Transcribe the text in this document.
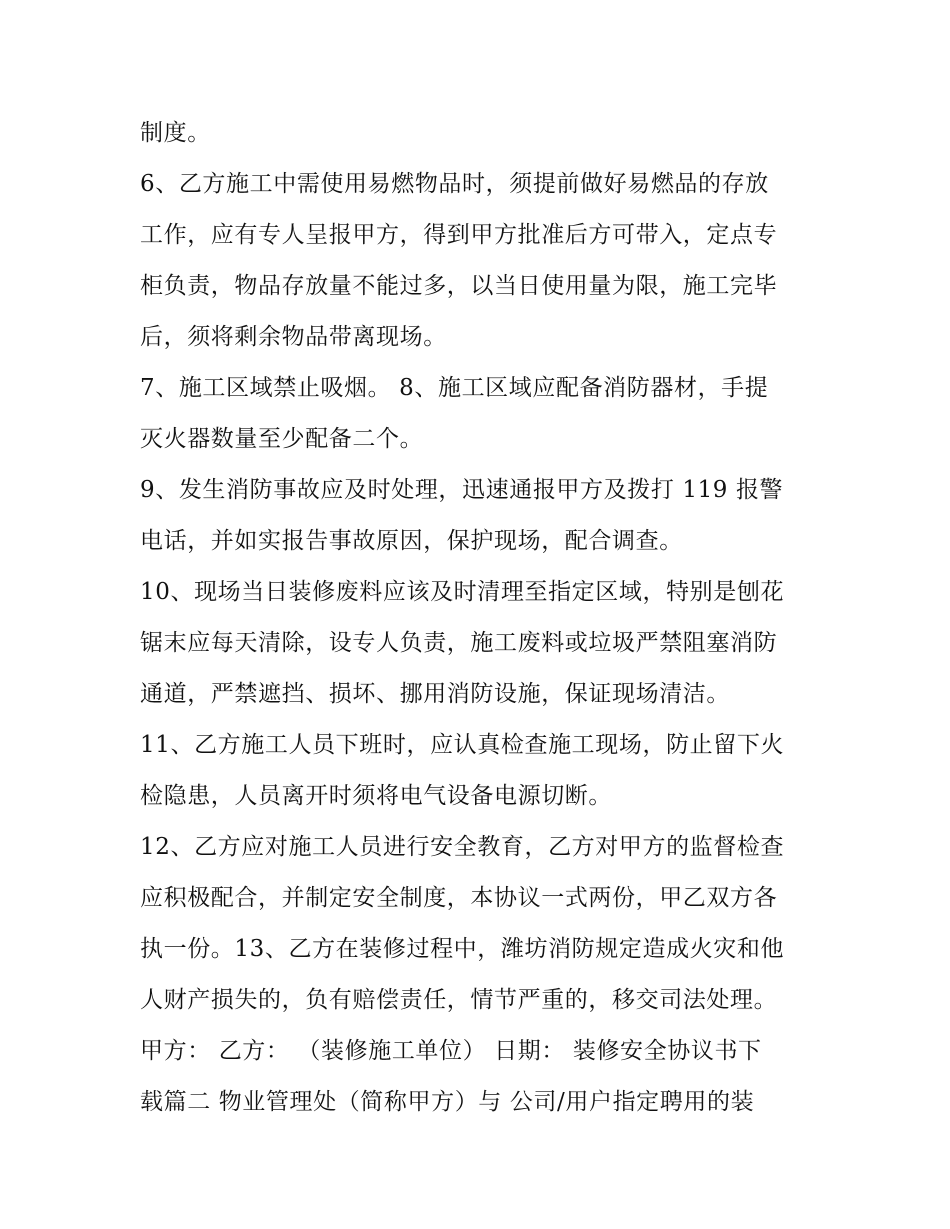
制度。
6、乙方施工中需使用易燃物品时，须提前做好易燃品的存放
工作，应有专人呈报甲方，得到甲方批准后方可带入，定点专
柜负责，物品存放量不能过多，以当日使用量为限，施工完毕
后，须将剩余物品带离现场。
7、施工区域禁止吸烟。 8、施工区域应配备消防器材，手提
灭火器数量至少配备二个。
9、发生消防事故应及时处理，迅速通报甲方及拨打 119 报警
电话，并如实报告事故原因，保护现场，配合调查。
10、现场当日装修废料应该及时清理至指定区域，特别是刨花
锯末应每天清除，设专人负责，施工废料或垃圾严禁阻塞消防
通道，严禁遮挡、损坏、挪用消防设施，保证现场清洁。
11、乙方施工人员下班时，应认真检查施工现场，防止留下火
检隐患，人员离开时须将电气设备电源切断。
12、乙方应对施工人员进行安全教育，乙方对甲方的监督检查
应积极配合，并制定安全制度，本协议一式两份，甲乙双方各
执一份。13、乙方在装修过程中，潍坊消防规定造成火灾和他
人财产损失的，负有赔偿责任，情节严重的，移交司法处理。
甲方： 乙方： （装修施工单位） 日期： 装修安全协议书下
载篇二 物业管理处（简称甲方）与 公司/用户指定聘用的装
